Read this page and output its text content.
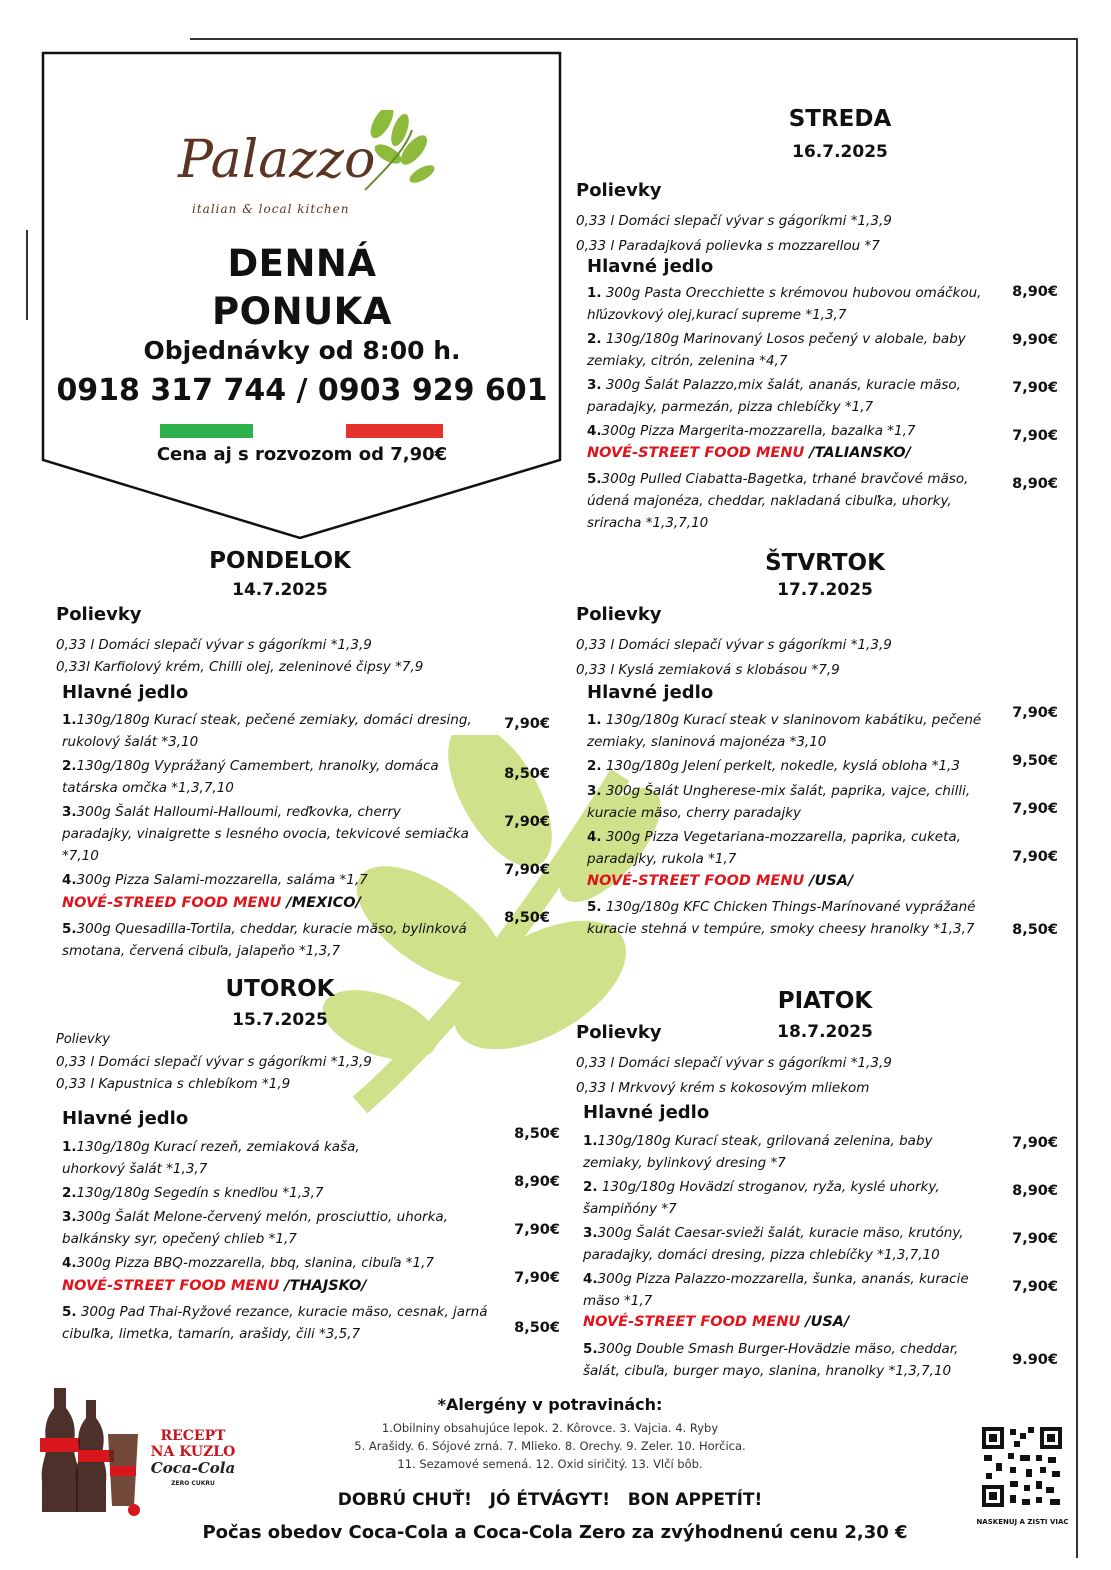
Palazzo
italian & local kitchen
DENNÁ
PONUKA
Objednávky od 8:00 h.
0918 317 744 / 0903 929 601
Cena aj s rozvozom od 7,90€
PONDELOK
14.7.2025
Polievky
0,33 l Domáci slepačí vývar s gágoríkmi *1,3,9
0,33l Karfiolový krém, Chilli olej, zeleninové čipsy *7,9
Hlavné jedlo
1.130g/180g Kurací steak, pečené zemiaky, domáci dresing,
rukolový šalát *3,10
7,90€
2.130g/180g Vyprážaný Camembert, hranolky, domáca
tatárska omčka *1,3,7,10
8,50€
3.300g Šalát Halloumi-Halloumi, reďkovka, cherry
paradajky, vinaigrette s lesného ovocia, tekvicové semiačka
*7,10
7,90€
4.300g Pizza Salami-mozzarella, saláma *1,7
7,90€
NOVÉ-STREED FOOD MENU /MEXICO/
5.300g Quesadilla-Tortila, cheddar, kuracie mäso, bylinková
smotana, červená cibuľa, jalapeňo *1,3,7
8,50€
UTOROK
15.7.2025
Polievky
0,33 l Domáci slepačí vývar s gágoríkmi *1,3,9
0,33 l Kapustnica s chlebíkom *1,9
Hlavné jedlo
1.130g/180g Kurací rezeň, zemiaková kaša,
uhorkový šalát *1,3,7
8,50€
2.130g/180g Segedín s knedľou *1,3,7
8,90€
3.300g Šalát Melone-červený melón, prosciuttio, uhorka,
balkánsky syr, opečený chlieb *1,7
7,90€
4.300g Pizza BBQ-mozzarella, bbq, slanina, cibuľa *1,7
7,90€
NOVÉ-STREET FOOD MENU /THAJSKO/
5. 300g Pad Thai-Ryžové rezance, kuracie mäso, cesnak, jarná
cibuľka, limetka, tamarín, arašidy, čili *3,5,7	8,50€
STREDA
16.7.2025
Polievky
0,33 l Domáci slepačí vývar s gágoríkmi *1,3,9
0,33 l Paradajková polievka s mozzarellou *7
Hlavné jedlo
1. 300g Pasta Orecchiette s krémovou hubovou omáčkou,
hľúzovkový olej,kurací supreme *1,3,7
8,90€
2. 130g/180g Marinovaný Losos pečený v alobale, baby
zemiaky, citrón, zelenina *4,7
9,90€
3. 300g Šalát Palazzo,mix šalát, ananás, kuracie mäso,
paradajky, parmezán, pizza chlebíčky *1,7
7,90€
4.300g Pizza Margerita-mozzarella, bazalka *1,7	7,90€
NOVÉ-STREET FOOD MENU /TALIANSKO/
5.300g Pulled Ciabatta-Bagetka, trhané bravčové mäso,
údená majonéza, cheddar, nakladaná cibuľka, uhorky,
sriracha *1,3,7,10
8,90€
ŠTVRTOK
17.7.2025
Polievky
0,33 l Domáci slepačí vývar s gágoríkmi *1,3,9
0,33 l Kyslá zemiaková s klobásou *7,9
Hlavné jedlo
1. 130g/180g Kurací steak v slaninovom kabátiku, pečené
zemiaky, slaninová majonéza *3,10
7,90€
2. 130g/180g Jelení perkelt, nokedle, kyslá obloha *1,3	9,50€
3. 300g Šalát Ungherese-mix šalát, paprika, vajce, chilli,
kuracie mäso, cherry paradajky	7,90€
4. 300g Pizza Vegetariana-mozzarella, paprika, cuketa,
paradajky, rukola *1,7	7,90€
NOVÉ-STREET FOOD MENU /USA/
5. 130g/180g KFC Chicken Things-Marínované vyprážané
kuracie stehná v tempúre, smoky cheesy hranolky *1,3,7	8,50€
PIATOK
18.7.2025
Polievky
0,33 l Domáci slepačí vývar s gágoríkmi *1,3,9
0,33 l Mrkvový krém s kokosovým mliekom
Hlavné jedlo
1.130g/180g Kurací steak, grilovaná zelenina, baby
zemiaky, bylinkový dresing *7
7,90€
2. 130g/180g Hovädzí stroganov, ryža, kyslé uhorky,
šampiňóny *7
8,90€
3.300g Šalát Caesar-svieži šalát, kuracie mäso, krutóny,
paradajky, domáci dresing, pizza chlebíčky *1,3,7,10
7,90€
4.300g Pizza Palazzo-mozzarella, šunka, ananás, kuracie
mäso *1,7
7,90€
NOVÉ-STREET FOOD MENU /USA/
5.300g Double Smash Burger-Hovädzie mäso, cheddar,
šalát, cibuľa, burger mayo, slanina, hranolky *1,3,7,10
9.90€
RECEPT
NA KUZLO
Coca-Cola
ZERO CUKRU
*Alergény v potravinách:
1.Obilniny obsahujúce lepok. 2. Kôrovce. 3. Vajcia. 4. Ryby
5. Arašidy. 6. Sójové zrná. 7. Mlieko. 8. Orechy. 9. Zeler. 10. Horčica.
11. Sezamové semená. 12. Oxid siričitý. 13. Vlčí bôb.
DOBRÚ CHUŤ!   JÓ ÉTVÁGYT!   BON APPETÍT!
Počas obedov Coca-Cola a Coca-Cola Zero za zvýhodnenú cenu 2,30 €	NASKENUJ A ZISTI VIAC
